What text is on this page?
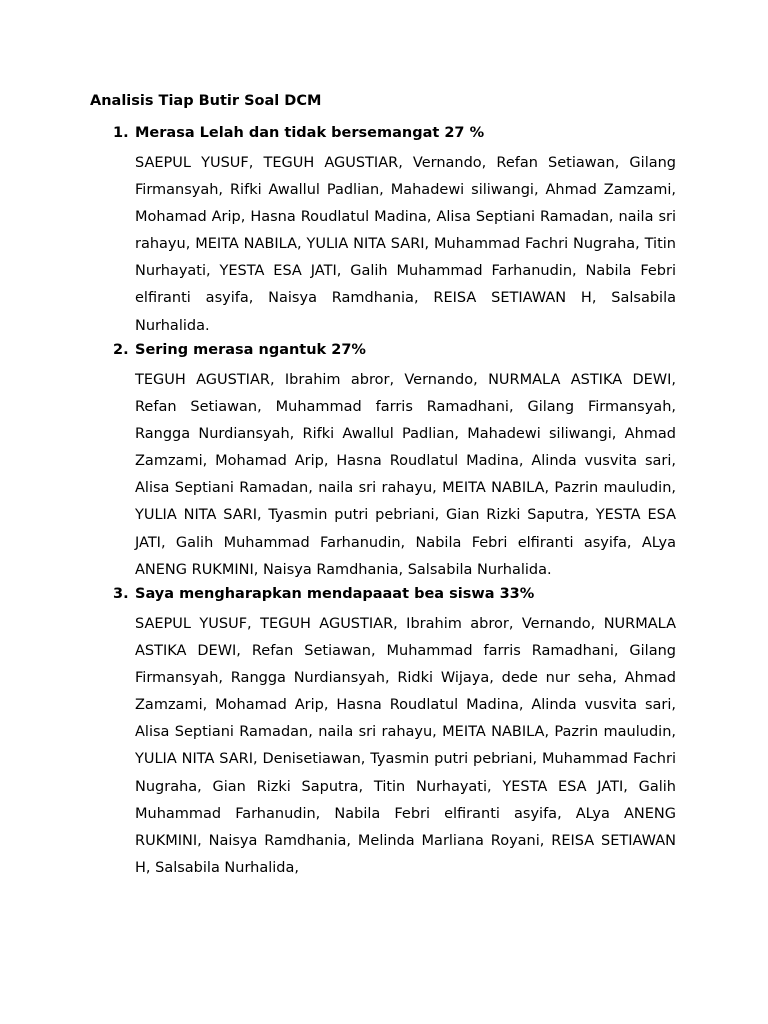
Analisis Tiap Butir Soal DCM
1. Merasa Lelah dan tidak bersemangat 27 %
SAEPUL YUSUF, TEGUH AGUSTIAR, Vernando, Refan Setiawan, Gilang Firmansyah, Rifki Awallul Padlian, Mahadewi siliwangi, Ahmad Zamzami, Mohamad Arip, Hasna Roudlatul Madina, Alisa Septiani Ramadan, naila sri rahayu, MEITA NABILA, YULIA NITA SARI, Muhammad Fachri Nugraha, Titin Nurhayati, YESTA ESA JATI, Galih Muhammad Farhanudin, Nabila Febri elfiranti asyifa, Naisya Ramdhania, REISA SETIAWAN H, Salsabila Nurhalida.
2. Sering merasa ngantuk 27%
TEGUH AGUSTIAR, Ibrahim abror, Vernando, NURMALA ASTIKA DEWI, Refan Setiawan, Muhammad farris Ramadhani, Gilang Firmansyah, Rangga Nurdiansyah, Rifki Awallul Padlian, Mahadewi siliwangi, Ahmad Zamzami, Mohamad Arip, Hasna Roudlatul Madina, Alinda vusvita sari, Alisa Septiani Ramadan, naila sri rahayu, MEITA NABILA, Pazrin mauludin, YULIA NITA SARI, Tyasmin putri pebriani, Gian Rizki Saputra, YESTA ESA JATI, Galih Muhammad Farhanudin, Nabila Febri elfiranti asyifa, ALya ANENG RUKMINI, Naisya Ramdhania, Salsabila Nurhalida.
3. Saya mengharapkan mendapaaat bea siswa 33%
SAEPUL YUSUF, TEGUH AGUSTIAR, Ibrahim abror, Vernando, NURMALA ASTIKA DEWI, Refan Setiawan, Muhammad farris Ramadhani, Gilang Firmansyah, Rangga Nurdiansyah, Ridki Wijaya, dede nur seha, Ahmad Zamzami, Mohamad Arip, Hasna Roudlatul Madina, Alinda vusvita sari, Alisa Septiani Ramadan, naila sri rahayu, MEITA NABILA, Pazrin mauludin, YULIA NITA SARI, Denisetiawan, Tyasmin putri pebriani, Muhammad Fachri Nugraha, Gian Rizki Saputra, Titin Nurhayati, YESTA ESA JATI, Galih Muhammad Farhanudin, Nabila Febri elfiranti asyifa, ALya ANENG RUKMINI, Naisya Ramdhania, Melinda Marliana Royani, REISA SETIAWAN H, Salsabila Nurhalida,
